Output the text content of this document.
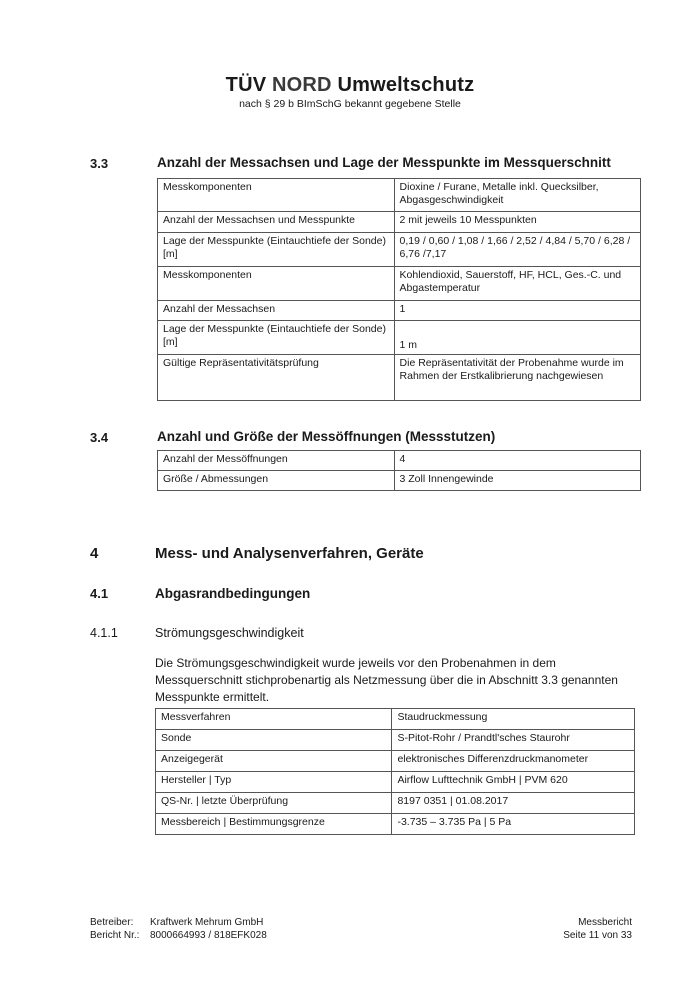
TÜV NORD Umweltschutz
nach § 29 b BImSchG bekannt gegebene Stelle
3.3	Anzahl der Messachsen und Lage der Messpunkte im Messquerschnitt
Messkomponenten	Dioxine / Furane, Metalle inkl. Quecksilber, Abgasgeschwindigkeit
Anzahl der Messachsen und Messpunkte	2 mit jeweils 10 Messpunkten
Lage der Messpunkte (Eintauchtiefe der Sonde) [m]	0,19 / 0,60 / 1,08 / 1,66 / 2,52 / 4,84 / 5,70 / 6,28 / 6,76 /7,17
Messkomponenten	Kohlendioxid, Sauerstoff, HF, HCL, Ges.-C. und Abgastemperatur
Anzahl der Messachsen	1
Lage der Messpunkte (Eintauchtiefe der Sonde) [m]	1 m
Gültige Repräsentativitätsprüfung	Die Repräsentativität der Probenahme wurde im Rahmen der Erstkalibrierung nachgewiesen
3.4	Anzahl und Größe der Messöffnungen (Messstutzen)
Anzahl der Messöffnungen	4
Größe / Abmessungen	3 Zoll Innengewinde
4	Mess- und Analysenverfahren, Geräte
4.1	Abgasrandbedingungen
4.1.1	Strömungsgeschwindigkeit
Die Strömungsgeschwindigkeit wurde jeweils vor den Probenahmen in dem Messquerschnitt stichprobenartig als Netzmessung über die in Abschnitt 3.3 genannten Messpunkte ermittelt.
Messverfahren	Staudruckmessung
Sonde	S-Pitot-Rohr / Prandtl'sches Staurohr
Anzeigegerät	elektronisches Differenzdruckmanometer
Hersteller | Typ	Airflow Lufttechnik GmbH | PVM 620
QS-Nr. | letzte Überprüfung	8197 0351 | 01.08.2017
Messbereich | Bestimmungsgrenze	-3.735 – 3.735 Pa | 5 Pa
Betreiber: Kraftwerk Mehrum GmbH
Bericht Nr.: 8000664993 / 818EFK028
Messbericht
Seite 11 von 33
